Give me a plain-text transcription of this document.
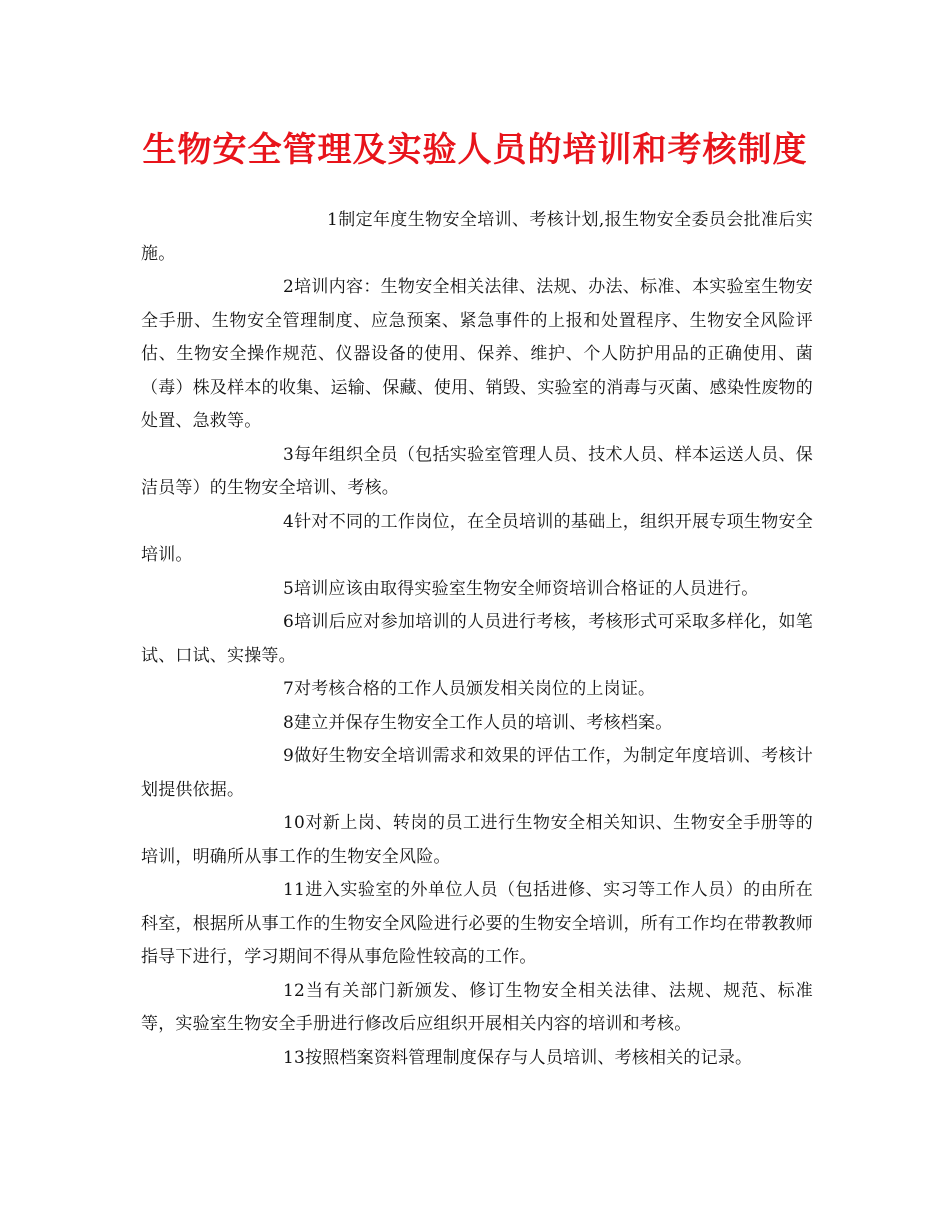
生物安全管理及实验人员的培训和考核制度

1制定年度生物安全培训、考核计划,报生物安全委员会批准后实施。

2培训内容：生物安全相关法律、法规、办法、标准、本实验室生物安全手册、生物安全管理制度、应急预案、紧急事件的上报和处置程序、生物安全风险评估、生物安全操作规范、仪器设备的使用、保养、维护、个人防护用品的正确使用、菌（毒）株及样本的收集、运输、保藏、使用、销毁、实验室的消毒与灭菌、感染性废物的处置、急救等。

3每年组织全员（包括实验室管理人员、技术人员、样本运送人员、保洁员等）的生物安全培训、考核。

4针对不同的工作岗位，在全员培训的基础上，组织开展专项生物安全培训。

5培训应该由取得实验室生物安全师资培训合格证的人员进行。

6培训后应对参加培训的人员进行考核，考核形式可采取多样化，如笔试、口试、实操等。

7对考核合格的工作人员颁发相关岗位的上岗证。

8建立并保存生物安全工作人员的培训、考核档案。

9做好生物安全培训需求和效果的评估工作，为制定年度培训、考核计划提供依据。

10对新上岗、转岗的员工进行生物安全相关知识、生物安全手册等的培训，明确所从事工作的生物安全风险。

11进入实验室的外单位人员（包括进修、实习等工作人员）的由所在科室，根据所从事工作的生物安全风险进行必要的生物安全培训，所有工作均在带教教师指导下进行，学习期间不得从事危险性较高的工作。

12当有关部门新颁发、修订生物安全相关法律、法规、规范、标准等，实验室生物安全手册进行修改后应组织开展相关内容的培训和考核。

13按照档案资料管理制度保存与人员培训、考核相关的记录。
